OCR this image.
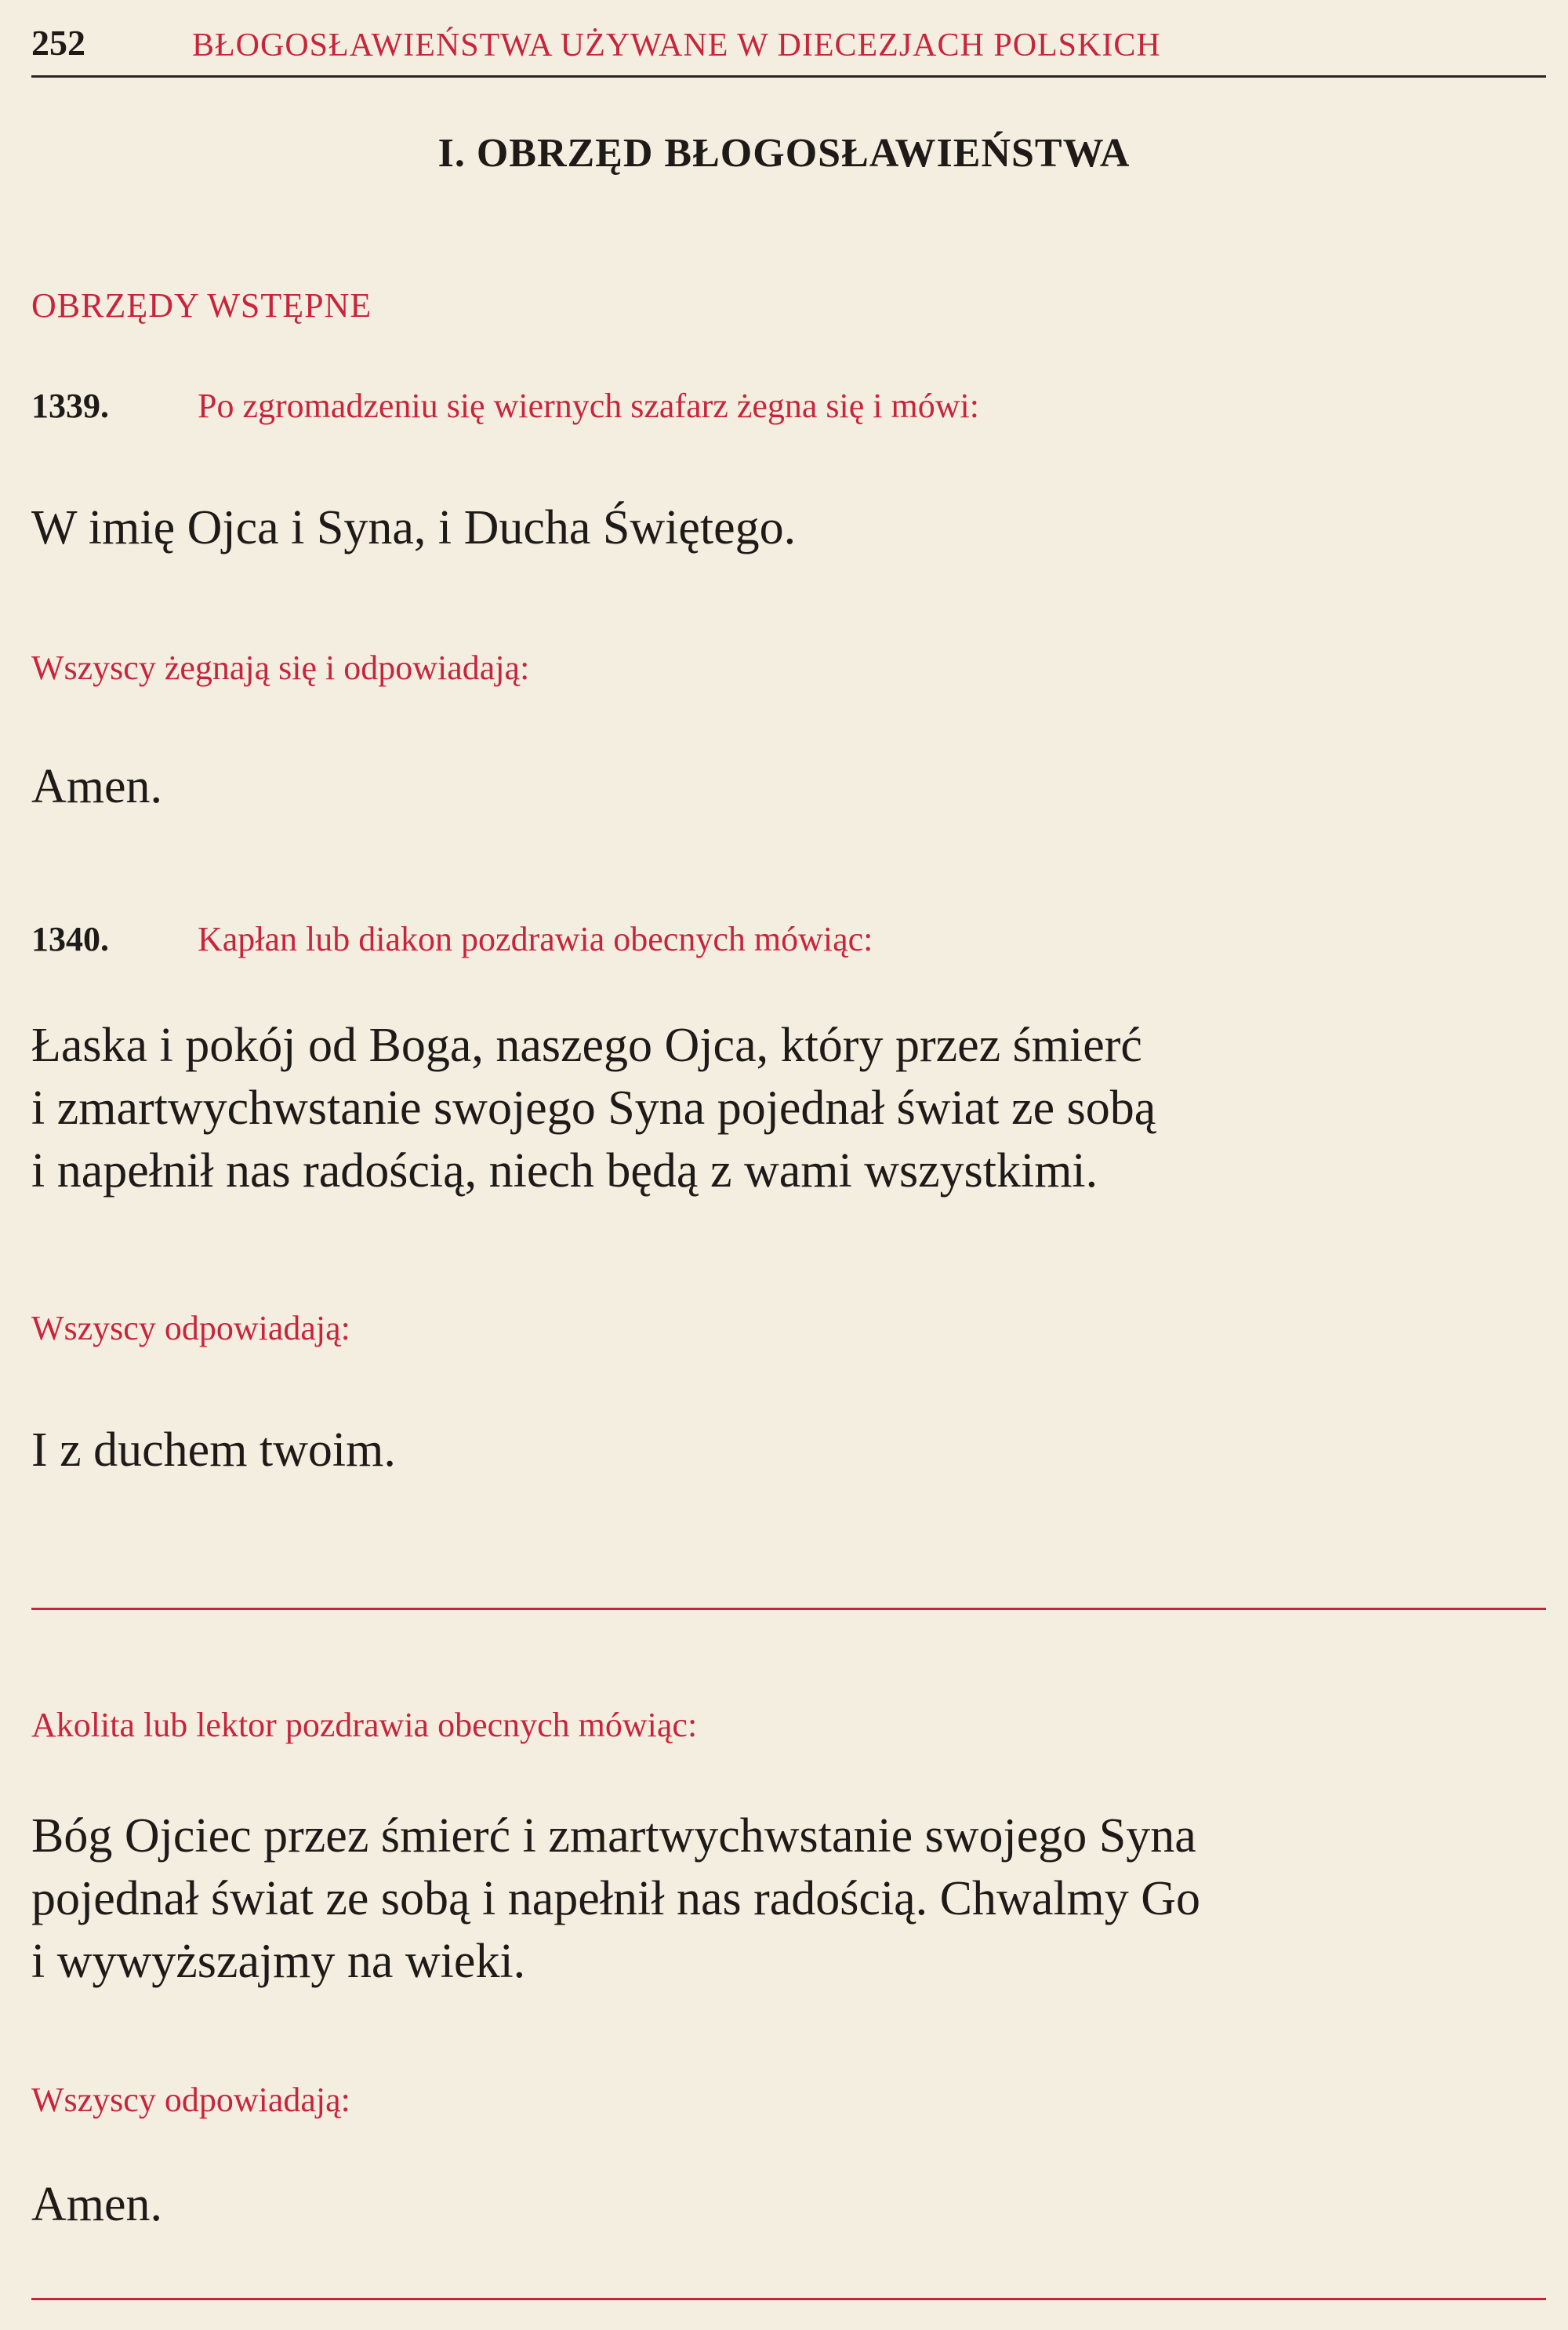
252	BŁOGOSŁAWIEŃSTWA UŻYWANE W DIECEZJACH POLSKICH
I. OBRZĘD BŁOGOSŁAWIEŃSTWA
OBRZĘDY WSTĘPNE
1339.	Po zgromadzeniu się wiernych szafarz żegna się i mówi:
W imię Ojca i Syna, i Ducha Świętego.
Wszyscy żegnają się i odpowiadają:
Amen.
1340.	Kapłan lub diakon pozdrawia obecnych mówiąc:
Łaska i pokój od Boga, naszego Ojca, który przez śmierć
i zmartwychwstanie swojego Syna pojednał świat ze sobą
i napełnił nas radością, niech będą z wami wszystkimi.
Wszyscy odpowiadają:
I z duchem twoim.
Akolita lub lektor pozdrawia obecnych mówiąc:
Bóg Ojciec przez śmierć i zmartwychwstanie swojego Syna
pojednał świat ze sobą i napełnił nas radością. Chwalmy Go
i wywyższajmy na wieki.
Wszyscy odpowiadają:
Amen.
